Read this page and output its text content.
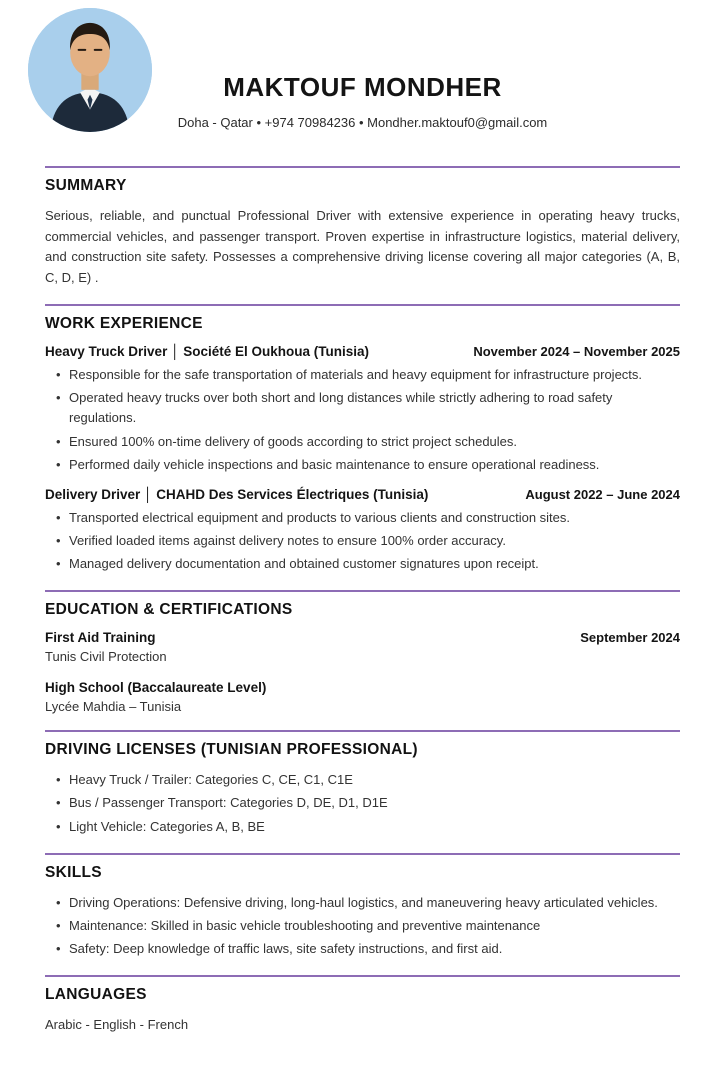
MAKTOUF MONDHER
Doha - Qatar • +974 70984236 • Mondher.maktouf0@gmail.com
SUMMARY

Serious, reliable, and punctual Professional Driver with extensive experience in operating heavy trucks, commercial vehicles, and passenger transport. Proven expertise in infrastructure logistics, material delivery, and construction site safety. Possesses a comprehensive driving license covering all major categories (A, B, C, D, E) .

WORK EXPERIENCE
Heavy Truck Driver │ Société El Oukhoua (Tunisia)	November 2024 – November 2025
• Responsible for the safe transportation of materials and heavy equipment for infrastructure projects.
• Operated heavy trucks over both short and long distances while strictly adhering to road safety regulations.
• Ensured 100% on-time delivery of goods according to strict project schedules.
• Performed daily vehicle inspections and basic maintenance to ensure operational readiness.
Delivery Driver │ CHAHD Des Services Électriques (Tunisia)	August 2022 – June 2024
• Transported electrical equipment and products to various clients and construction sites.
• Verified loaded items against delivery notes to ensure 100% order accuracy.
• Managed delivery documentation and obtained customer signatures upon receipt.
EDUCATION & CERTIFICATIONS
First Aid Training	September 2024
Tunis Civil Protection
High School (Baccalaureate Level)
Lycée Mahdia – Tunisia
DRIVING LICENSES (TUNISIAN PROFESSIONAL)
• Heavy Truck / Trailer: Categories C, CE, C1, C1E
• Bus / Passenger Transport: Categories D, DE, D1, D1E
• Light Vehicle: Categories A, B, BE
SKILLS
• Driving Operations: Defensive driving, long-haul logistics, and maneuvering heavy articulated vehicles.
• Maintenance: Skilled in basic vehicle troubleshooting and preventive maintenance
• Safety: Deep knowledge of traffic laws, site safety instructions, and first aid.
LANGUAGES

Arabic - English - French
